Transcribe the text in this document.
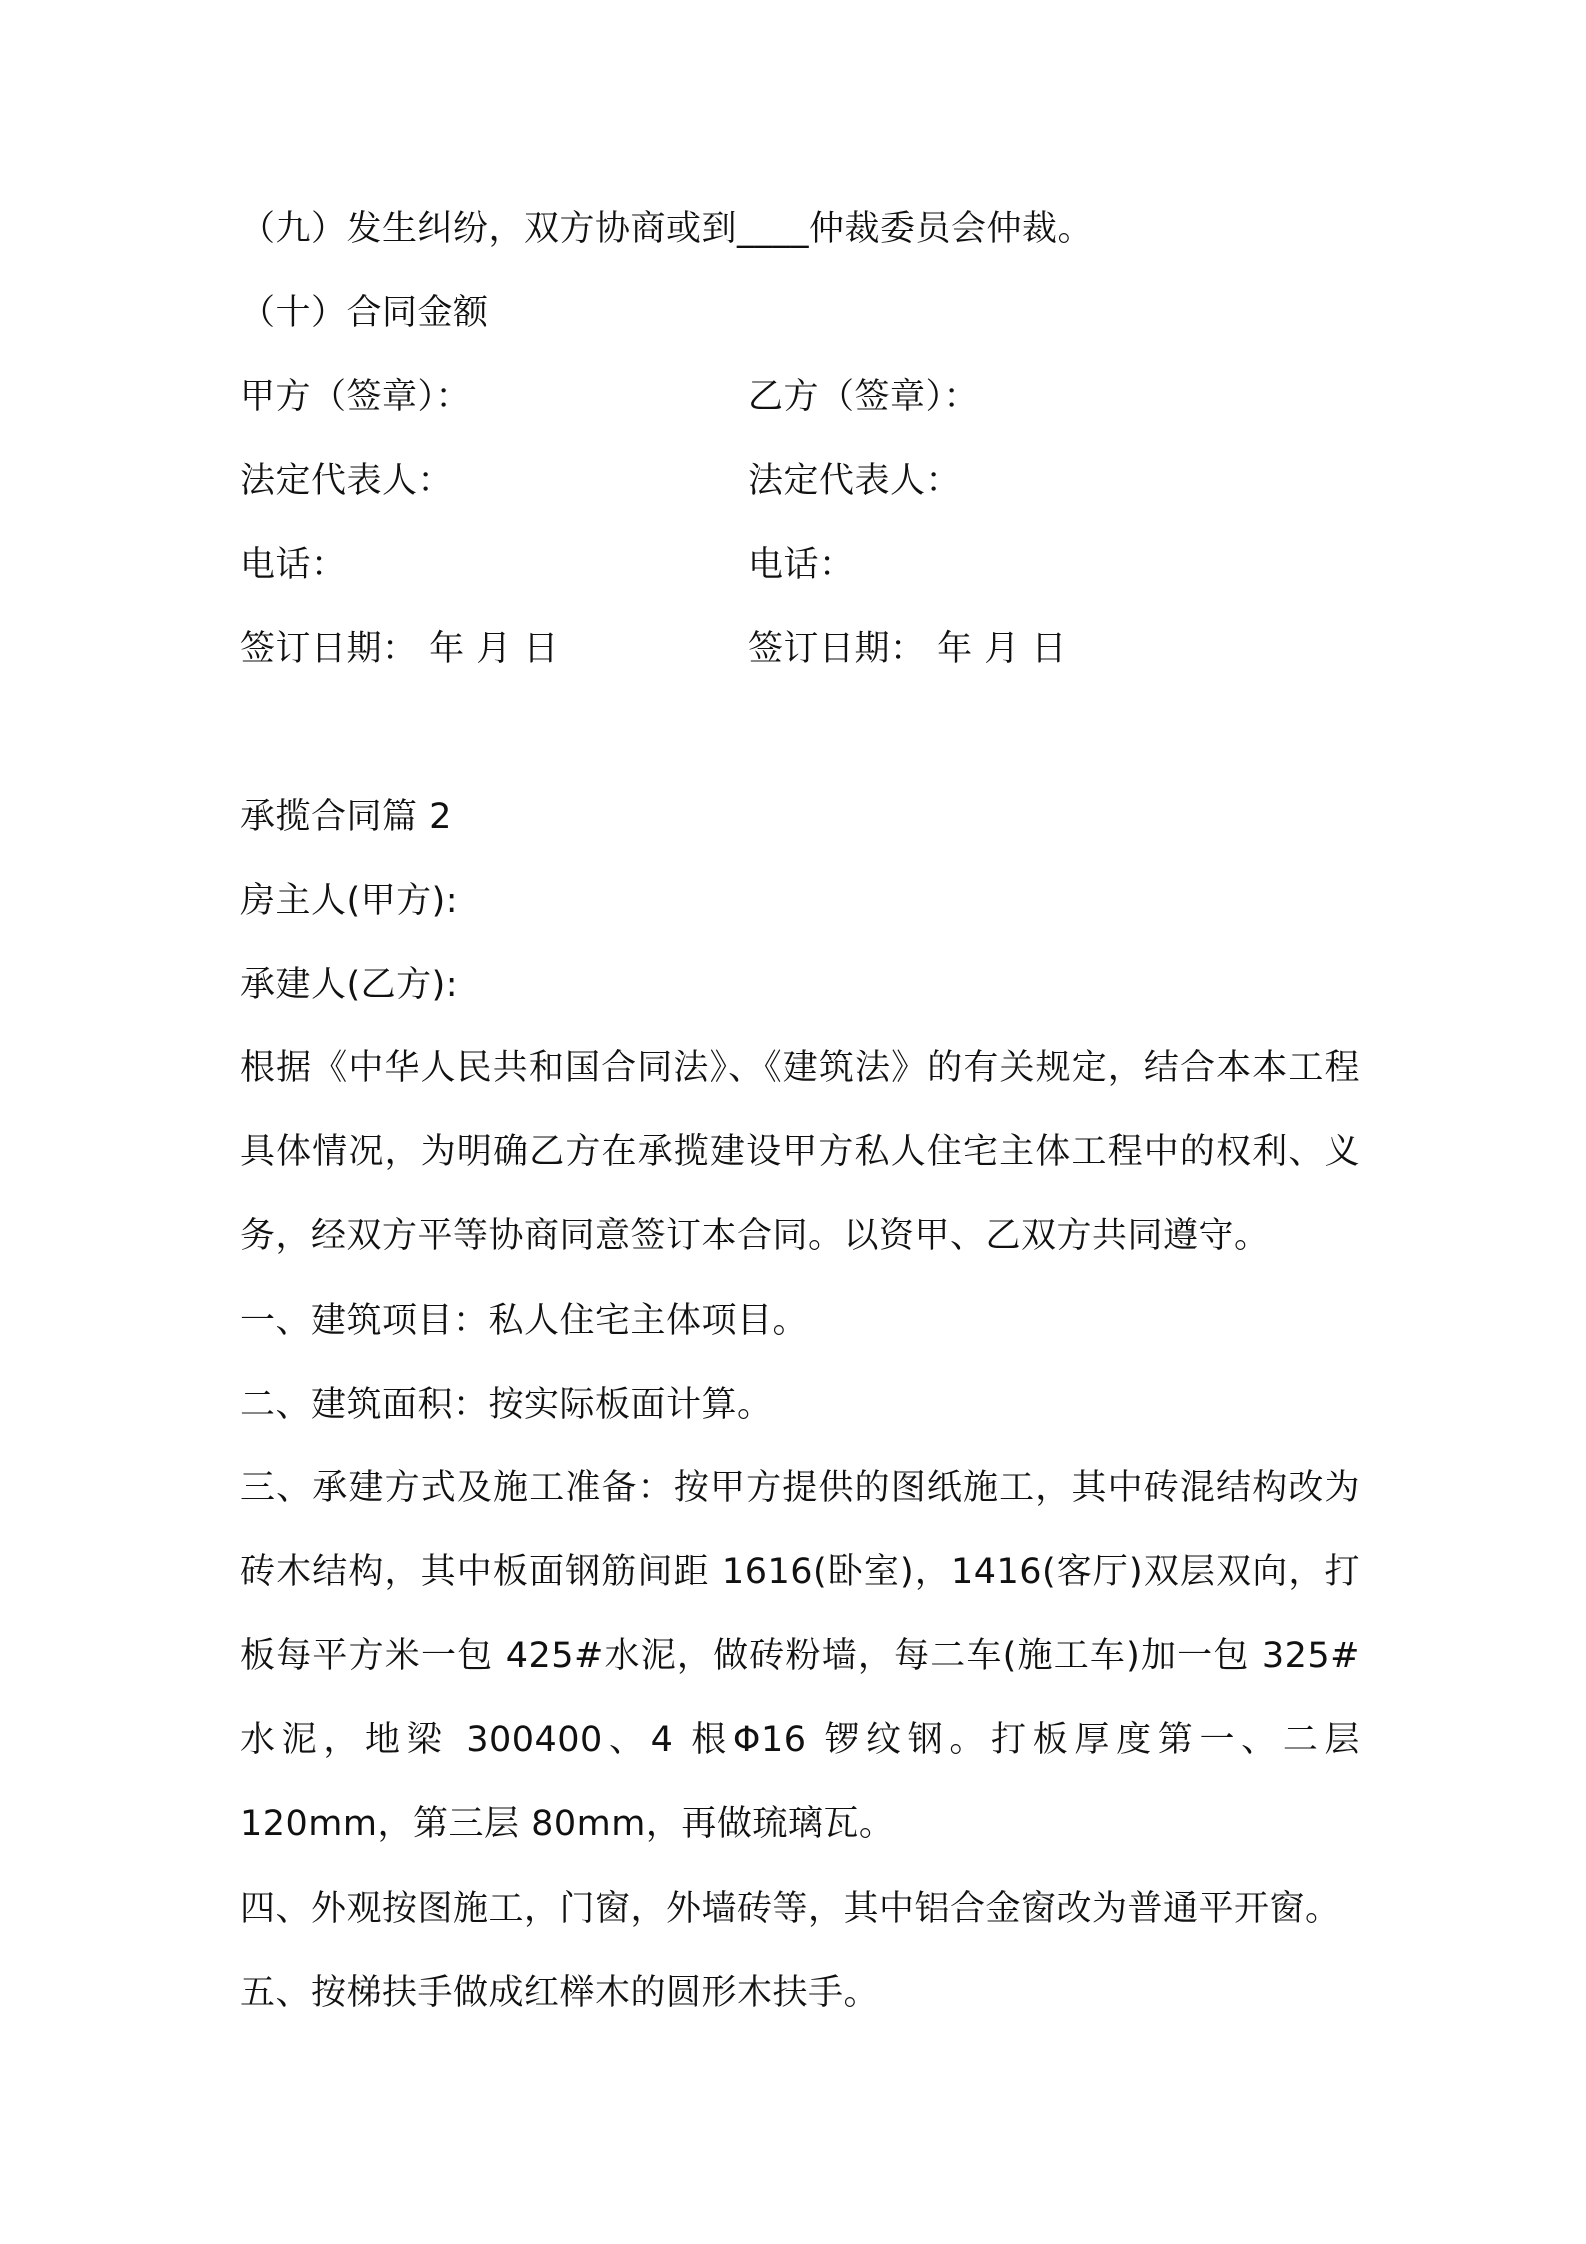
（九）发生纠纷，双方协商或到____仲裁委员会仲裁。
（十）合同金额
甲方（签章）：	乙方（签章）：
法定代表人：	法定代表人：
电话：	电话：
签订日期： 年 月 日	签订日期： 年 月 日
承揽合同篇 2
房主人(甲方):
承建人(乙方):
根据《中华人民共和国合同法》、《建筑法》的有关规定，结合本本工程具体情况，为明确乙方在承揽建设甲方私人住宅主体工程中的权利、义务，经双方平等协商同意签订本合同。以资甲、乙双方共同遵守。
一、建筑项目：私人住宅主体项目。
二、建筑面积：按实际板面计算。
三、承建方式及施工准备：按甲方提供的图纸施工，其中砖混结构改为砖木结构，其中板面钢筋间距 1616(卧室)，1416(客厅)双层双向，打板每平方米一包 425#水泥，做砖粉墙，每二车(施工车)加一包 325#水泥，地梁 300400、4 根Φ16 锣纹钢。打板厚度第一、二层 120mm，第三层 80mm，再做琉璃瓦。
四、外观按图施工，门窗，外墙砖等，其中铝合金窗改为普通平开窗。
五、按梯扶手做成红榉木的圆形木扶手。
